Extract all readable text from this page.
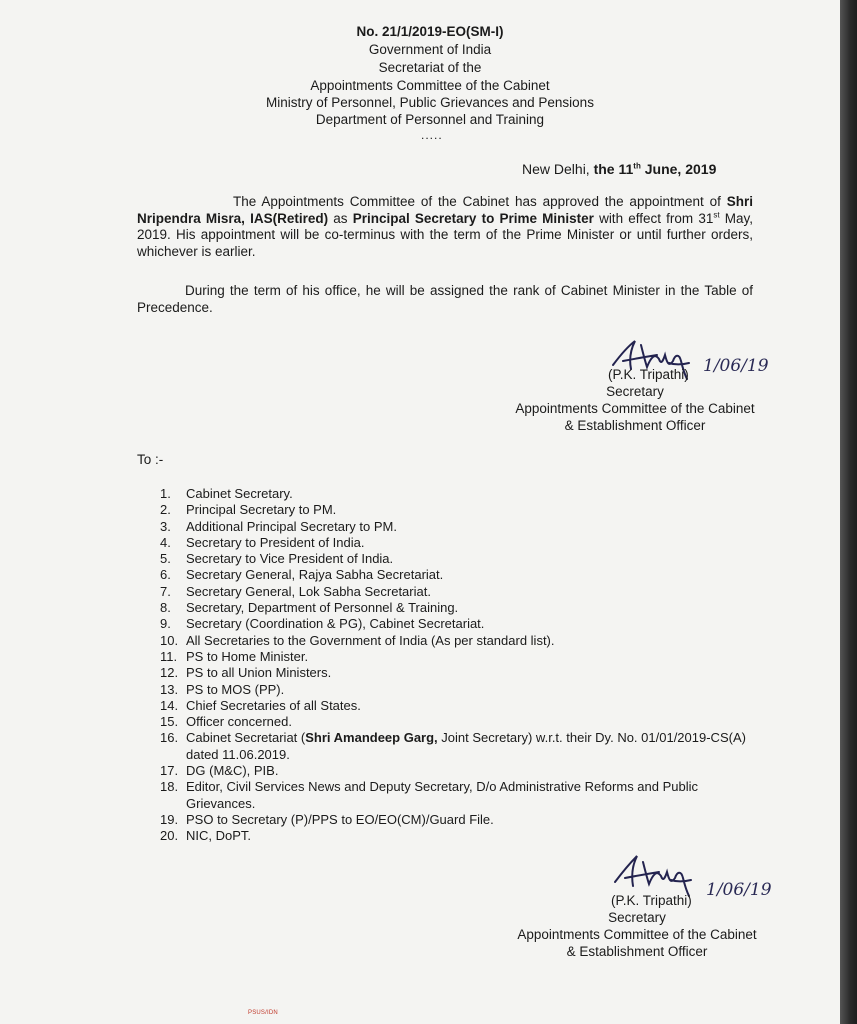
No. 21/1/2019-EO(SM-I)
Government of India
Secretariat of the
Appointments Committee of the Cabinet
Ministry of Personnel, Public Grievances and Pensions
Department of Personnel and Training
.....
New Delhi, the 11th June, 2019
The Appointments Committee of the Cabinet has approved the appointment of Shri Nripendra Misra, IAS(Retired) as Principal Secretary to Prime Minister with effect from 31st May, 2019. His appointment will be co-terminus with the term of the Prime Minister or until further orders, whichever is earlier.
During the term of his office, he will be assigned the rank of Cabinet Minister in the Table of Precedence.
1/06/19
(P.K. Tripathi)
Secretary
Appointments Committee of the Cabinet
& Establishment Officer
To :-
1. Cabinet Secretary.
2. Principal Secretary to PM.
3. Additional Principal Secretary to PM.
4. Secretary to President of India.
5. Secretary to Vice President of India.
6. Secretary General, Rajya Sabha Secretariat.
7. Secretary General, Lok Sabha Secretariat.
8. Secretary, Department of Personnel & Training.
9. Secretary (Coordination & PG), Cabinet Secretariat.
10. All Secretaries to the Government of India (As per standard list).
11. PS to Home Minister.
12. PS to all Union Ministers.
13. PS to MOS (PP).
14. Chief Secretaries of all States.
15. Officer concerned.
16. Cabinet Secretariat (Shri Amandeep Garg, Joint Secretary) w.r.t. their Dy. No. 01/01/2019-CS(A) dated 11.06.2019.
17. DG (M&C), PIB.
18. Editor, Civil Services News and Deputy Secretary, D/o Administrative Reforms and Public Grievances.
19. PSO to Secretary (P)/PPS to EO/EO(CM)/Guard File.
20. NIC, DoPT.
1/06/19
(P.K. Tripathi)
Secretary
Appointments Committee of the Cabinet
& Establishment Officer
PSUS/IDN
